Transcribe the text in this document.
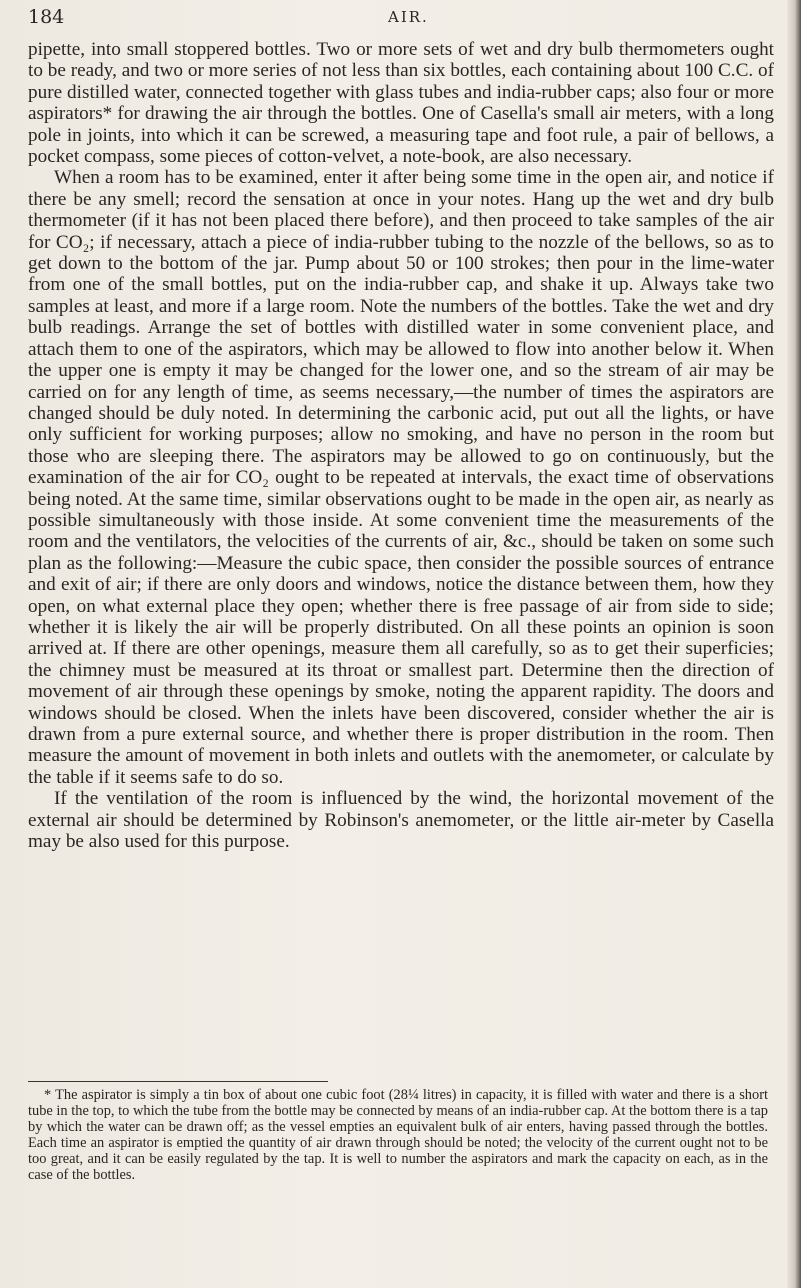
184	AIR.

pipette, into small stoppered bottles. Two or more sets of wet and dry bulb thermometers ought to be ready, and two or more series of not less than six bottles, each containing about 100 C.C. of pure distilled water, connected together with glass tubes and india-rubber caps; also four or more aspirators* for drawing the air through the bottles. One of Casella's small air meters, with a long pole in joints, into which it can be screwed, a measuring tape and foot rule, a pair of bellows, a pocket compass, some pieces of cotton-velvet, a note-book, are also necessary.

When a room has to be examined, enter it after being some time in the open air, and notice if there be any smell; record the sensation at once in your notes. Hang up the wet and dry bulb thermometer (if it has not been placed there before), and then proceed to take samples of the air for CO₂; if necessary, attach a piece of india-rubber tubing to the nozzle of the bellows, so as to get down to the bottom of the jar. Pump about 50 or 100 strokes; then pour in the lime-water from one of the small bottles, put on the india-rubber cap, and shake it up. Always take two samples at least, and more if a large room. Note the numbers of the bottles. Take the wet and dry bulb readings. Arrange the set of bottles with distilled water in some convenient place, and attach them to one of the aspirators, which may be allowed to flow into another below it. When the upper one is empty it may be changed for the lower one, and so the stream of air may be carried on for any length of time, as seems necessary,—the number of times the aspirators are changed should be duly noted. In determining the carbonic acid, put out all the lights, or have only sufficient for working purposes; allow no smoking, and have no person in the room but those who are sleeping there. The aspirators may be allowed to go on continuously, but the examination of the air for CO₂ ought to be repeated at intervals, the exact time of observations being noted. At the same time, similar observations ought to be made in the open air, as nearly as possible simultaneously with those inside. At some convenient time the measurements of the room and the ventilators, the velocities of the currents of air, &c., should be taken on some such plan as the following:—Measure the cubic space, then consider the possible sources of entrance and exit of air; if there are only doors and windows, notice the distance between them, how they open, on what external place they open; whether there is free passage of air from side to side; whether it is likely the air will be properly distributed. On all these points an opinion is soon arrived at. If there are other openings, measure them all carefully, so as to get their superficies; the chimney must be measured at its throat or smallest part. Determine then the direction of movement of air through these openings by smoke, noting the apparent rapidity. The doors and windows should be closed. When the inlets have been discovered, consider whether the air is drawn from a pure external source, and whether there is proper distribution in the room. Then measure the amount of movement in both inlets and outlets with the anemometer, or calculate by the table if it seems safe to do so.

If the ventilation of the room is influenced by the wind, the horizontal movement of the external air should be determined by Robinson's anemometer, or the little air-meter by Casella may be also used for this purpose.

* The aspirator is simply a tin box of about one cubic foot (28¼ litres) in capacity, it is filled with water and there is a short tube in the top, to which the tube from the bottle may be connected by means of an india-rubber cap. At the bottom there is a tap by which the water can be drawn off; as the vessel empties an equivalent bulk of air enters, having passed through the bottles. Each time an aspirator is emptied the quantity of air drawn through should be noted; the velocity of the current ought not to be too great, and it can be easily regulated by the tap. It is well to number the aspirators and mark the capacity on each, as in the case of the bottles.
